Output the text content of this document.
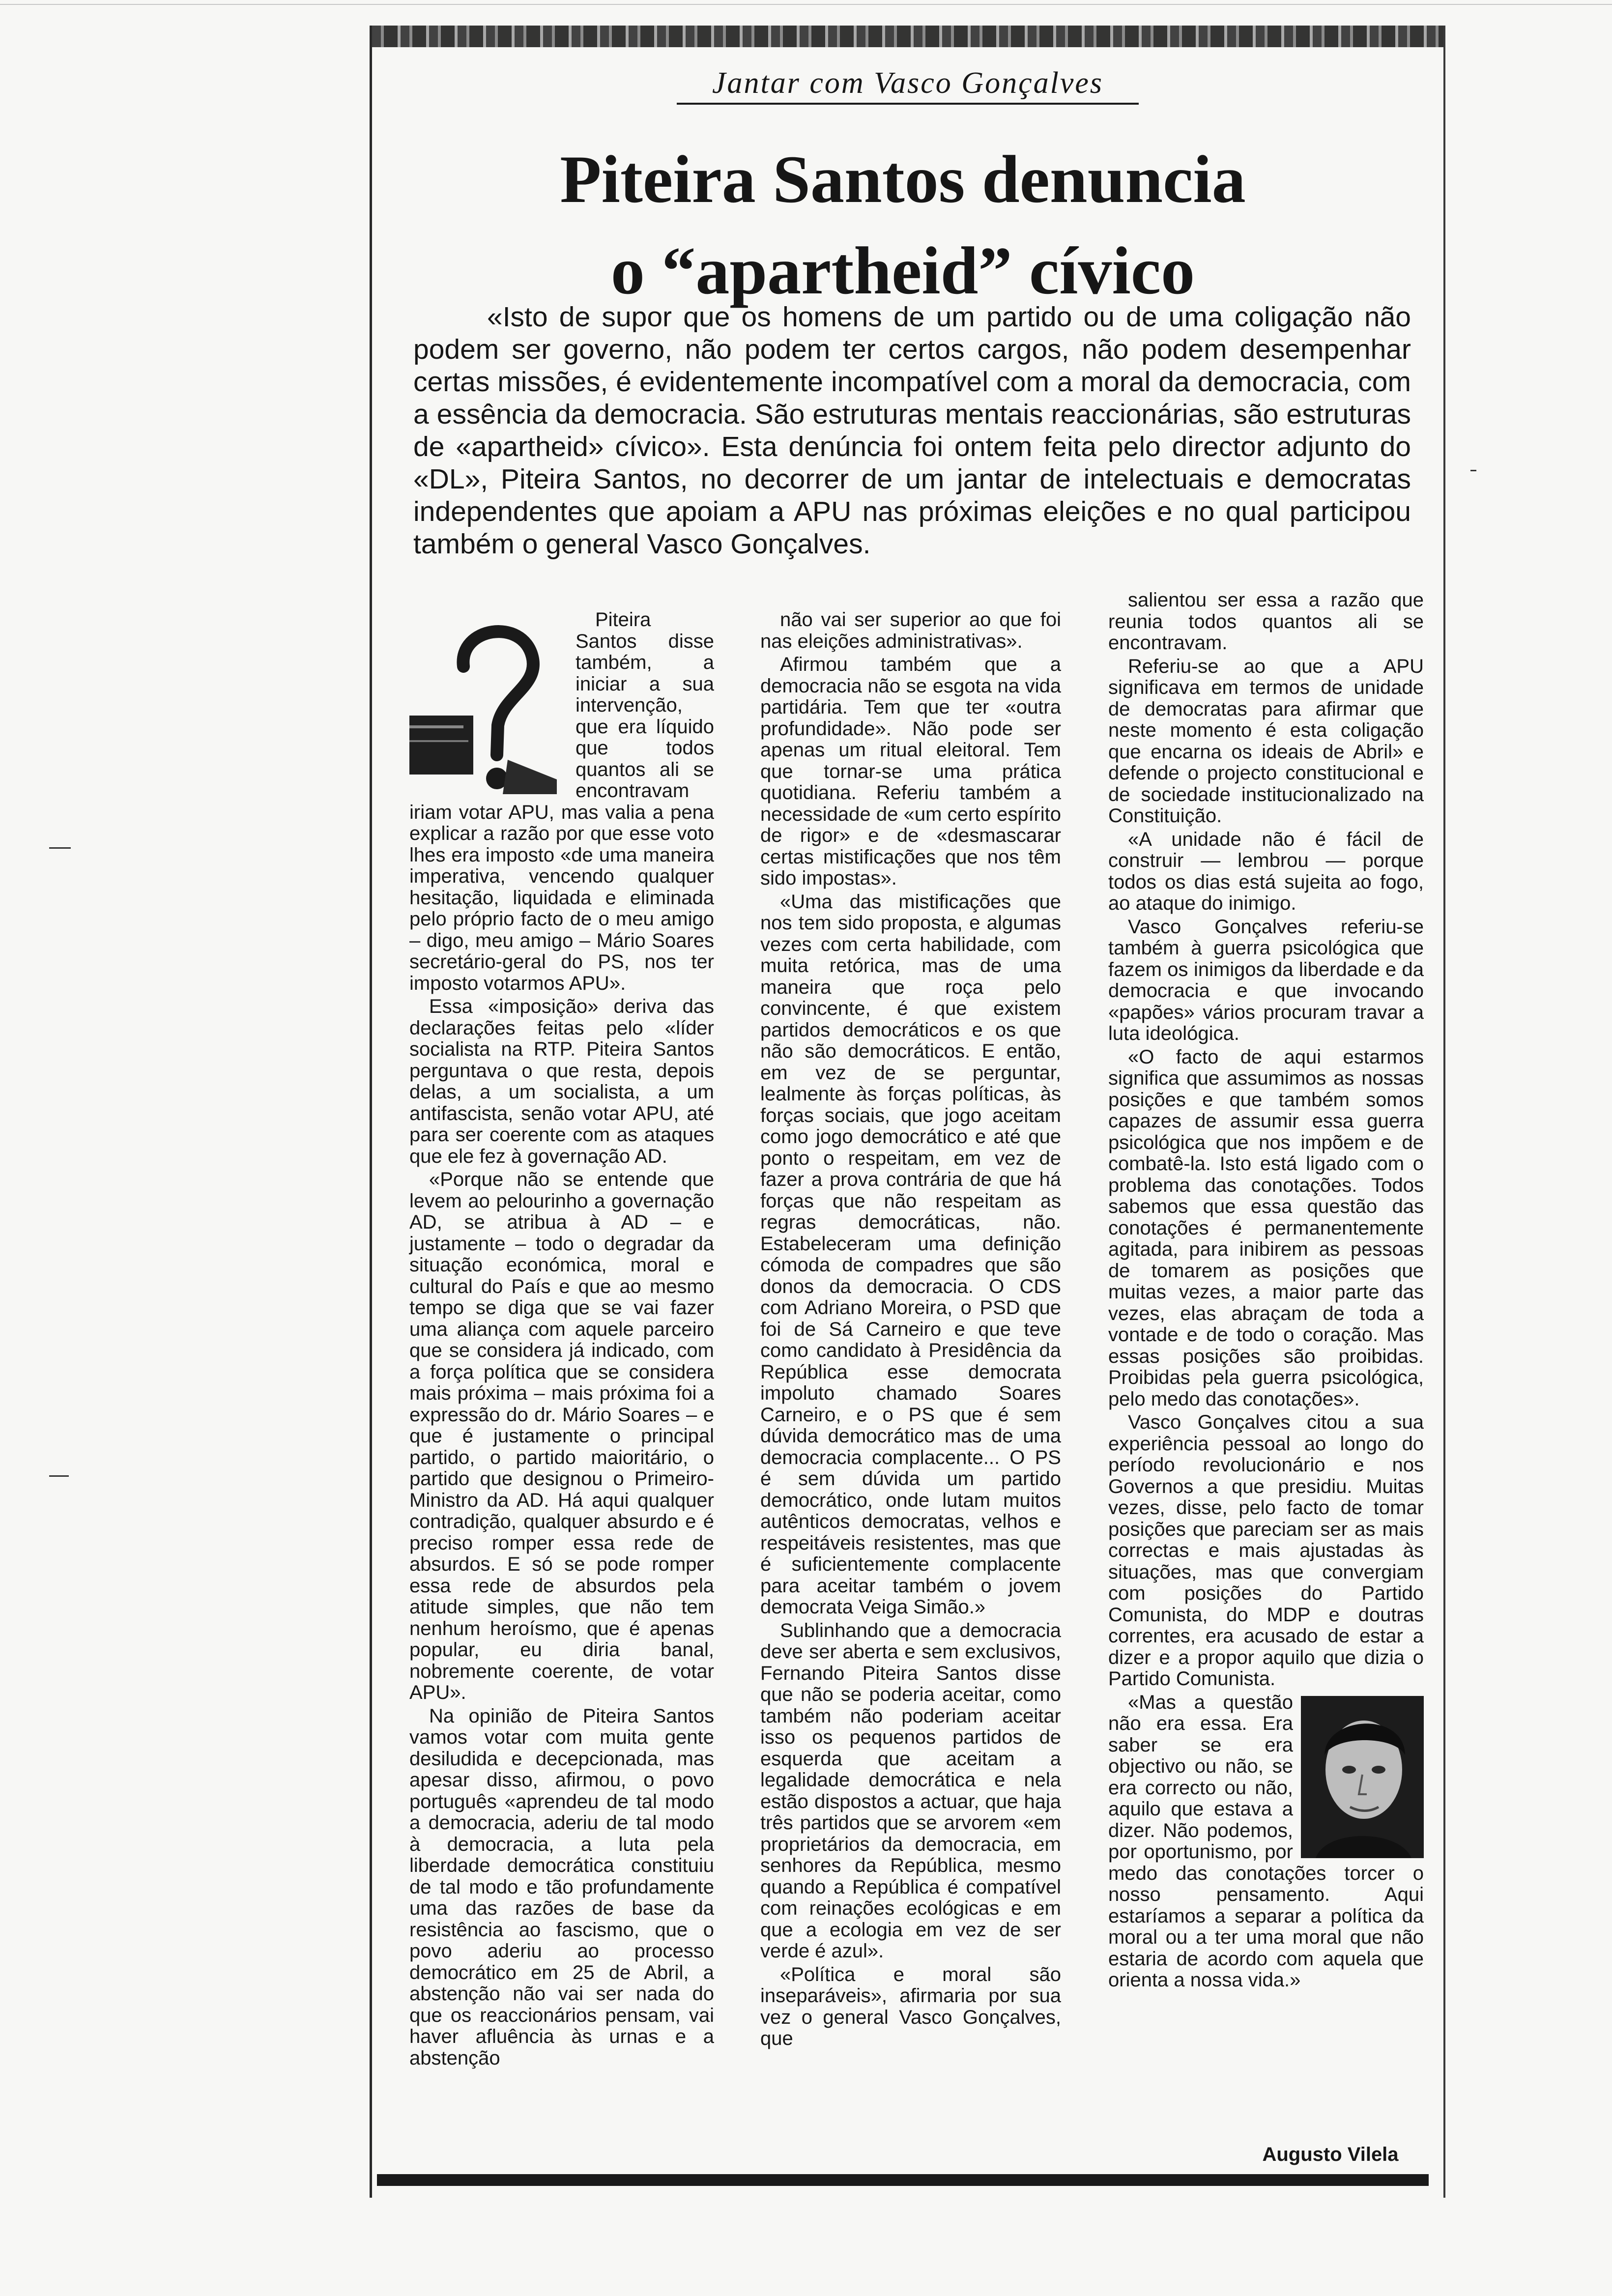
Jantar com Vasco Gonçalves
Piteira Santos denuncia
o “apartheid” cívico

«Isto de supor que os homens de um partido ou de uma coligação não podem ser governo, não podem ter certos cargos, não podem desempenhar certas missões, é evidentemente incompatível com a moral da democracia, com a essência da democracia. São estruturas mentais reaccionárias, são estruturas de «apartheid» cívico». Esta denúncia foi ontem feita pelo director adjunto do «DL», Piteira Santos, no decorrer de um jantar de intelectuais e democratas independentes que apoiam a APU nas próximas eleições e no qual participou também o general Vasco Gonçalves.

Piteira Santos disse também, a iniciar a sua intervenção, que era líquido que todos quantos ali se encontravam iriam votar APU, mas valia a pena explicar a razão por que esse voto lhes era imposto «de uma maneira imperativa, vencendo qualquer hesitação, liquidada e eliminada pelo próprio facto de o meu amigo – digo, meu amigo – Mário Soares secretário-geral do PS, nos ter imposto votarmos APU».

Essa «imposição» deriva das declarações feitas pelo «líder socialista na RTP. Piteira Santos perguntava o que resta, depois delas, a um socialista, a um antifascista, senão votar APU, até para ser coerente com as ataques que ele fez à governação AD.

«Porque não se entende que levem ao pelourinho a governação AD, se atribua à AD – e justamente – todo o degradar da situação económica, moral e cultural do País e que ao mesmo tempo se diga que se vai fazer uma aliança com aquele parceiro que se considera já indicado, com a força política que se considera mais próxima – mais próxima foi a expressão do dr. Mário Soares – e que é justamente o principal partido, o partido maioritário, o partido que designou o Primeiro-Ministro da AD. Há aqui qualquer contradição, qualquer absurdo e é preciso romper essa rede de absurdos. E só se pode romper essa rede de absurdos pela atitude simples, que não tem nenhum heroísmo, que é apenas popular, eu diria banal, nobremente coerente, de votar APU».

Na opinião de Piteira Santos vamos votar com muita gente desiludida e decepcionada, mas apesar disso, afirmou, o povo português «aprendeu de tal modo a democracia, aderiu de tal modo à democracia, a luta pela liberdade democrática constituiu de tal modo e tão profundamente uma das razões de base da resistência ao fascismo, que o povo aderiu ao processo democrático em 25 de Abril, a abstenção não vai ser nada do que os reaccionários pensam, vai haver afluência às urnas e a abstenção

não vai ser superior ao que foi nas eleições administrativas».

Afirmou também que a democracia não se esgota na vida partidária. Tem que ter «outra profundidade». Não pode ser apenas um ritual eleitoral. Tem que tornar-se uma prática quotidiana. Referiu também a necessidade de «um certo espírito de rigor» e de «desmascarar certas mistificações que nos têm sido impostas».

«Uma das mistificações que nos tem sido proposta, e algumas vezes com certa habilidade, com muita retórica, mas de uma maneira que roça pelo convincente, é que existem partidos democráticos e os que não são democráticos. E então, em vez de se perguntar, lealmente às forças políticas, às forças sociais, que jogo aceitam como jogo democrático e até que ponto o respeitam, em vez de fazer a prova contrária de que há forças que não respeitam as regras democráticas, não. Estabeleceram uma definição cómoda de compadres que são donos da democracia. O CDS com Adriano Moreira, o PSD que foi de Sá Carneiro e que teve como candidato à Presidência da República esse democrata impoluto chamado Soares Carneiro, e o PS que é sem dúvida democrático mas de uma democracia complacente... O PS é sem dúvida um partido democrático, onde lutam muitos autênticos democratas, velhos e respeitáveis resistentes, mas que é suficientemente complacente para aceitar também o jovem democrata Veiga Simão.»

Sublinhando que a democracia deve ser aberta e sem exclusivos, Fernando Piteira Santos disse que não se poderia aceitar, como também não poderiam aceitar isso os pequenos partidos de esquerda que aceitam a legalidade democrática e nela estão dispostos a actuar, que haja três partidos que se arvorem «em proprietários da democracia, em senhores da República, mesmo quando a República é compatível com reinações ecológicas e em que a ecologia em vez de ser verde é azul».

«Política e moral são inseparáveis», afirmaria por sua vez o general Vasco Gonçalves, que

salientou ser essa a razão que reunia todos quantos ali se encontravam.

Referiu-se ao que a APU significava em termos de unidade de democratas para afirmar que neste momento é esta coligação que encarna os ideais de Abril» e defende o projecto constitucional e de sociedade institucionalizado na Constituição.

«A unidade não é fácil de construir — lembrou — porque todos os dias está sujeita ao fogo, ao ataque do inimigo.

Vasco Gonçalves referiu-se também à guerra psicológica que fazem os inimigos da liberdade e da democracia e que invocando «papões» vários procuram travar a luta ideológica.

«O facto de aqui estarmos significa que assumimos as nossas posições e que também somos capazes de assumir essa guerra psicológica que nos impõem e de combatê-la. Isto está ligado com o problema das conotações. Todos sabemos que essa questão das conotações é permanentemente agitada, para inibirem as pessoas de tomarem as posições que muitas vezes, a maior parte das vezes, elas abraçam de toda a vontade e de todo o coração. Mas essas posições são proibidas. Proibidas pela guerra psicológica, pelo medo das conotações».

Vasco Gonçalves citou a sua experiência pessoal ao longo do período revolucionário e nos Governos a que presidiu. Muitas vezes, disse, pelo facto de tomar posições que pareciam ser as mais correctas e mais ajustadas às situações, mas que convergiam com posições do Partido Comunista, do MDP e doutras correntes, era acusado de estar a dizer e a propor aquilo que dizia o Partido Comunista.

«Mas a questão não era essa. Era saber se era objectivo ou não, se era correcto ou não, aquilo que estava a dizer. Não podemos, por oportunismo, por medo das conotações torcer o nosso pensamento. Aqui estaríamos a separar a política da moral ou a ter uma moral que não estaria de acordo com aquela que orienta a nossa vida.»

Augusto Vilela
